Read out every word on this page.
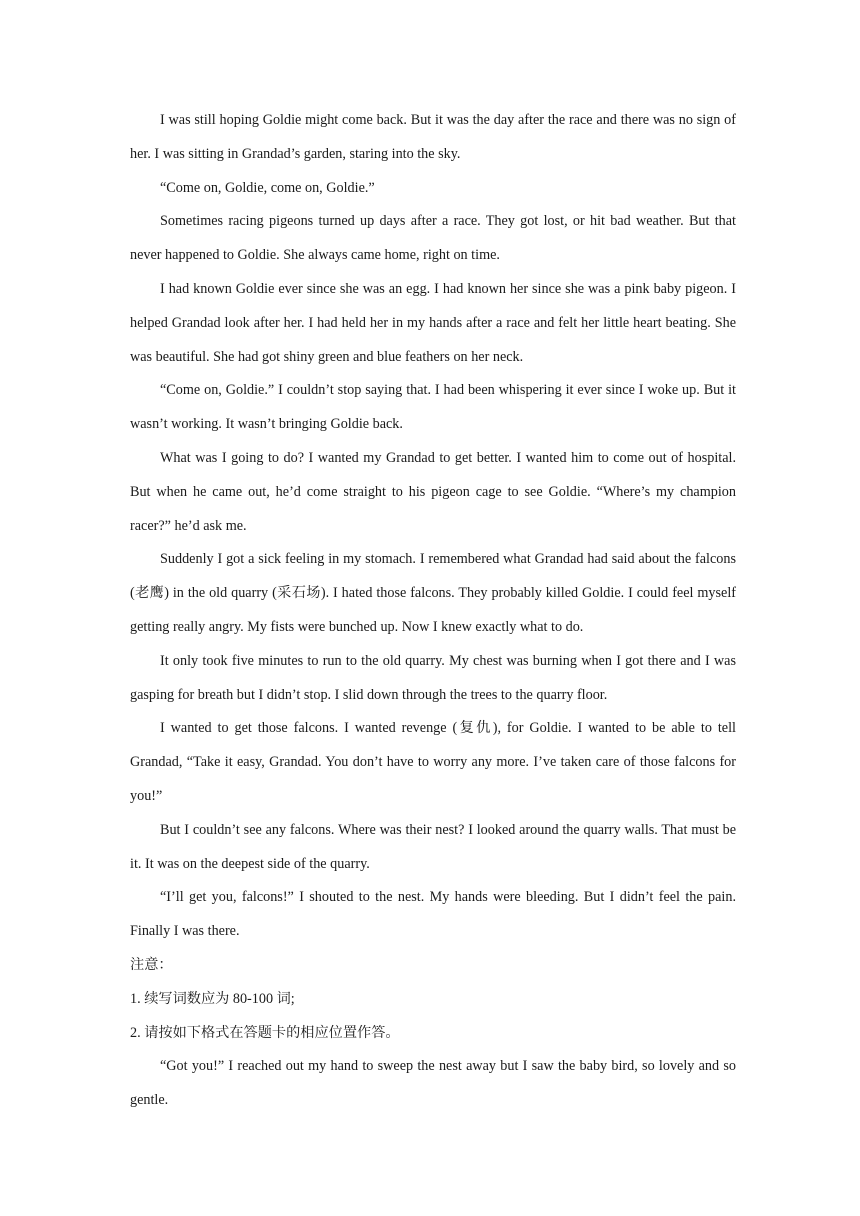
I was still hoping Goldie might come back. But it was the day after the race and there was no sign of her. I was sitting in Grandad’s garden, staring into the sky.

“Come on, Goldie, come on, Goldie.”

Sometimes racing pigeons turned up days after a race. They got lost, or hit bad weather. But that never happened to Goldie. She always came home, right on time.

I had known Goldie ever since she was an egg. I had known her since she was a pink baby pigeon. I helped Grandad look after her. I had held her in my hands after a race and felt her little heart beating. She was beautiful. She had got shiny green and blue feathers on her neck.

“Come on, Goldie.” I couldn’t stop saying that. I had been whispering it ever since I woke up. But it wasn’t working. It wasn’t bringing Goldie back.

What was I going to do? I wanted my Grandad to get better. I wanted him to come out of hospital. But when he came out, he’d come straight to his pigeon cage to see Goldie. “Where’s my champion racer?” he’d ask me.

Suddenly I got a sick feeling in my stomach. I remembered what Grandad had said about the falcons (老鹰) in the old quarry (采石场). I hated those falcons. They probably killed Goldie. I could feel myself getting really angry. My fists were bunched up. Now I knew exactly what to do.

It only took five minutes to run to the old quarry. My chest was burning when I got there and I was gasping for breath but I didn’t stop. I slid down through the trees to the quarry floor.

I wanted to get those falcons. I wanted revenge (复仇), for Goldie. I wanted to be able to tell Grandad, “Take it easy, Grandad. You don’t have to worry any more. I’ve taken care of those falcons for you!”

But I couldn’t see any falcons. Where was their nest? I looked around the quarry walls. That must be it. It was on the deepest side of the quarry.

“I’ll get you, falcons!” I shouted to the nest. My hands were bleeding. But I didn’t feel the pain. Finally I was there.

注意：

1. 续写词数应为 80-100 词;

2. 请按如下格式在答题卡的相应位置作答。

“Got you!” I reached out my hand to sweep the nest away but I saw the baby bird, so lovely and so gentle.
